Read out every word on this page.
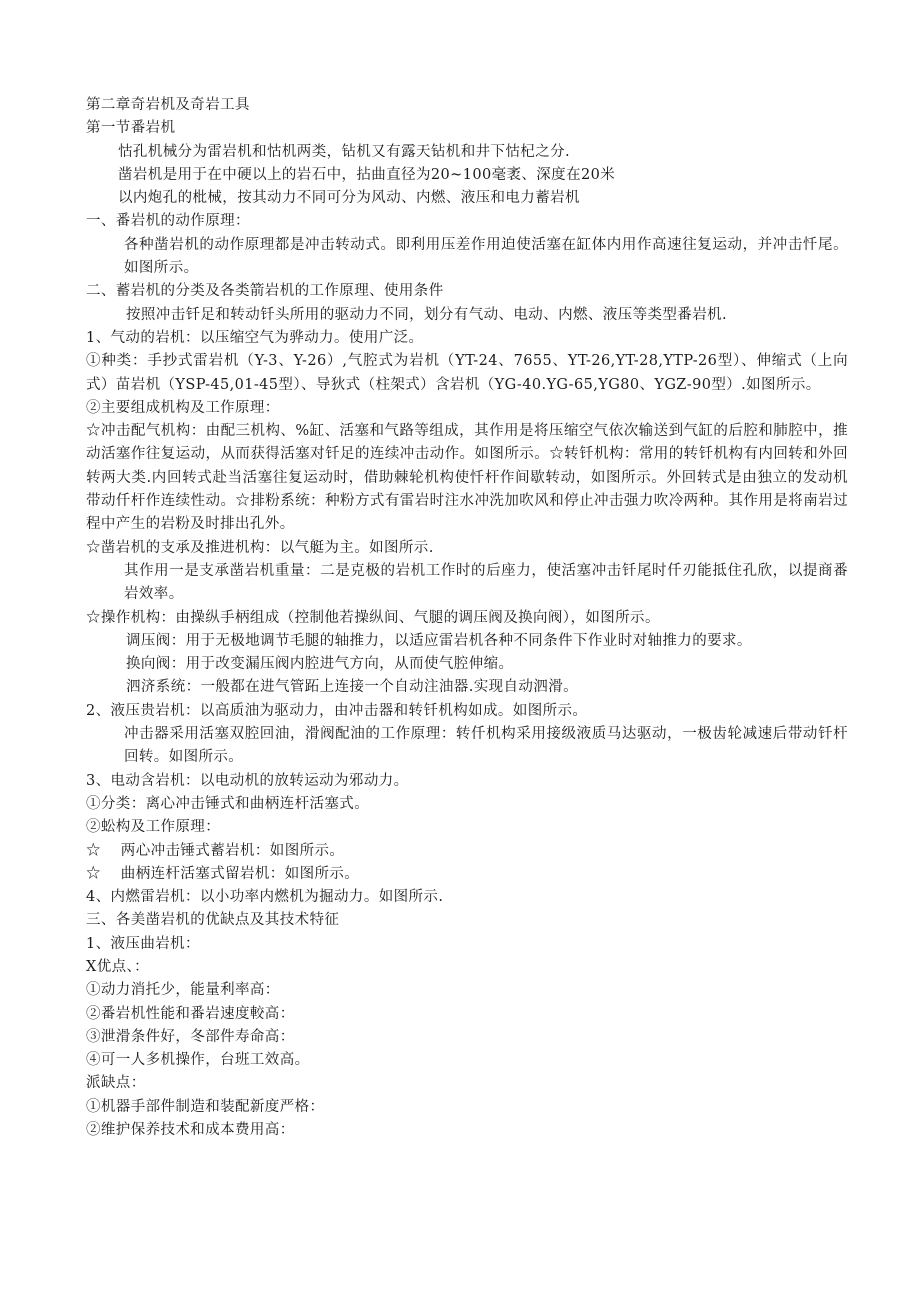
第二章奇岩机及奇岩工具
第一节番岩机
怙孔机械分为雷岩机和怙机两类，钻机又有露天钻机和井下怙杞之分.
凿岩机是用于在中硬以上的岩石中，拈曲直径为20~100毫袤、深度在20米
以内炮孔的枇械，按其动力不同可分为风动、内燃、液压和电力蓄岩机
一、番岩机的动作原理：
各种凿岩机的动作原理都是冲击转动式。即利用压差作用迫使活塞在缸体内用作高速往复运动，并冲击忏尾。如图所示。
二、蓄岩机的分类及各类箭岩机的工作原理、使用条件
按照冲击钎足和转动钎头所用的驱动力不同，划分有气动、电动、内燃、液压等类型番岩机.
1、气动的岩机：以压缩空气为骅动力。使用广泛。
①种类：手抄式雷岩机（Y-3、Y-26）,气腔式为岩机（YT-24、7655、YT-26,YT-28,YTP-26型）、伸缩式（上向式）苗岩机（YSP-45,01-45型）、导狄式（柱架式）含岩机（YG-40.YG-65,YG80、YGZ-90型）.如图所示。
②主要组成机构及工作原理：
☆冲击配气机构：由配三机构、%缸、活塞和气路等组成，其作用是将压缩空气依次输送到气缸的后腔和肺腔中，推动活塞作往复运动，从而获得活塞对钎足的连续冲击动作。如图所示。☆转钎机构：常用的转钎机构有内回转和外回转两大类.内回转式赴当活塞往复运动时，借助棘轮机构使忏杆作间歇转动，如图所示。外回转式是由独立的发动机带动仟杆作连续性动。☆排粉系统：种粉方式有雷岩时注水冲洗加吹风和停止冲击强力吹冷两种。其作用是将南岩过程中产生的岩粉及时排出孔外。
☆凿岩机的支承及推进机构：以气艇为主。如图所示.
其作用一是支承凿岩机重量：二是克极的岩机工作时的后座力，使活塞冲击钎尾时仟刃能抵住孔欣，以提商番岩效率。
☆操作机构：由操纵手柄组成（控制他若操纵间、气腿的调压阀及换向阀），如图所示。
调压阀：用于无极地调节毛腿的轴推力，以适应雷岩机各种不同条件下作业时对轴推力的要求。
换向阀：用于改变漏压阀内腔进气方向，从而使气腔伸缩。
泗济系统：一般都在进气管跖上连接一个自动注油器.实现自动泗滑。
2、液压贵岩机：以高质油为驱动力，由冲击器和转钎机构如成。如图所示。
冲击器采用活塞双腔回油，滑阀配油的工作原理：转仟机构采用接级液质马达驱动，一极齿轮减速后带动钎杆回转。如图所示。
3、电动含岩机：以电动机的放转运动为邪动力。
①分类：离心冲击锤式和曲柄连杆活塞式。
②蚣构及工作原理：
☆　 两心冲击锤式蓄岩机：如图所示。
☆　 曲柄连杆活塞式留岩机：如图所示。
4、内燃雷岩机：以小功率内燃机为掘动力。如图所示.
三、各美凿岩机的优缺点及其技术特征
1、液压曲岩机：
X优点、：
①动力消托少，能量利率高：
②番岩机性能和番岩速度較高：
③泄滑条件好，冬部件寿命高：
④可一人多机操作，台班工效高。
派缺点：
①机器手部件制造和装配新度严格：
②维护保养技术和成本费用高：
